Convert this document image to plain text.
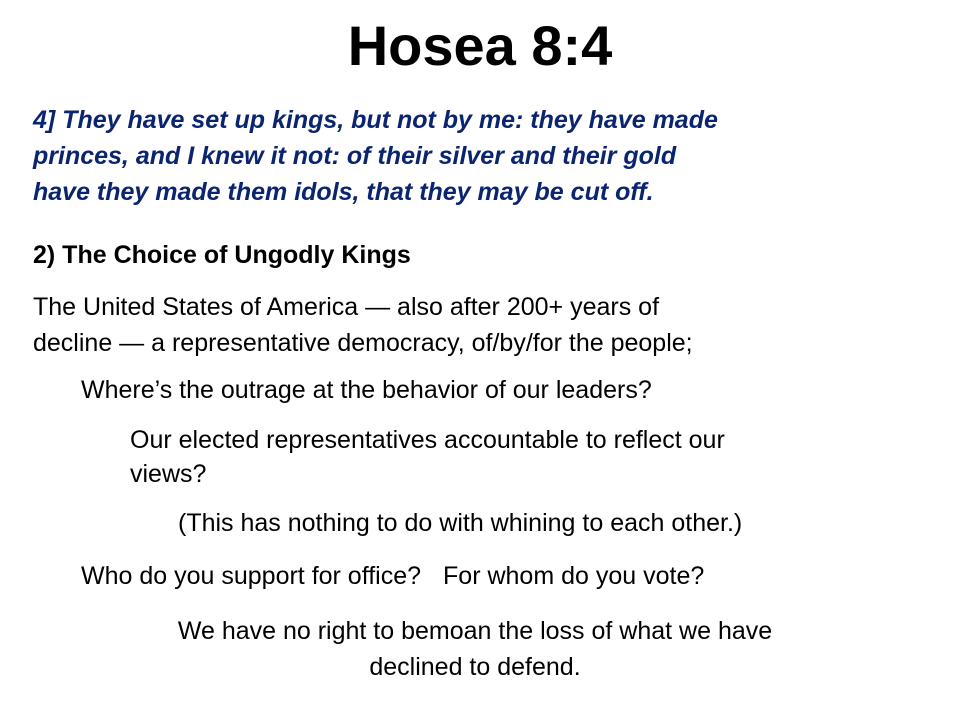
Hosea 8:4
4] They have set up kings, but not by me: they have made
princes, and I knew it not: of their silver and their gold
have they made them idols, that they may be cut off.
2) The Choice of Ungodly Kings
The United States of America — also after 200+ years of
decline — a representative democracy, of/by/for the people;
Where’s the outrage at the behavior of our leaders?
Our elected representatives accountable to reflect our
views?
(This has nothing to do with whining to each other.)
Who do you support for office? For whom do you vote?
We have no right to bemoan the loss of what we have
declined to defend.
